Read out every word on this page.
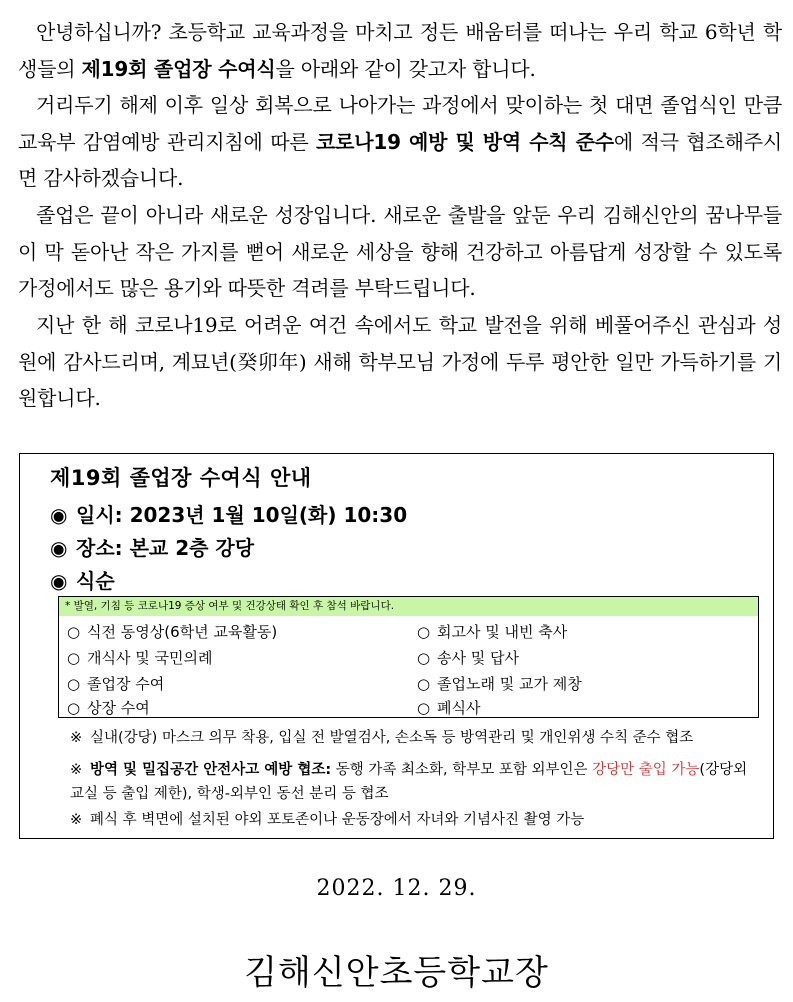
안녕하십니까? 초등학교 교육과정을 마치고 정든 배움터를 떠나는 우리 학교 6학년 학생들의 제19회 졸업장 수여식을 아래와 같이 갖고자 합니다.
거리두기 해제 이후 일상 회복으로 나아가는 과정에서 맞이하는 첫 대면 졸업식인 만큼 교육부 감염예방 관리지침에 따른 코로나19 예방 및 방역 수칙 준수에 적극 협조해주시면 감사하겠습니다.
졸업은 끝이 아니라 새로운 성장입니다. 새로운 출발을 앞둔 우리 김해신안의 꿈나무들이 막 돋아난 작은 가지를 뻗어 새로운 세상을 향해 건강하고 아름답게 성장할 수 있도록 가정에서도 많은 용기와 따뜻한 격려를 부탁드립니다.
지난 한 해 코로나19로 어려운 여건 속에서도 학교 발전을 위해 베풀어주신 관심과 성원에 감사드리며, 계묘년(癸卯年) 새해 학부모님 가정에 두루 평안한 일만 가득하기를 기원합니다.
제19회 졸업장 수여식 안내
◉ 일시: 2023년 1월 10일(화) 10:30
◉ 장소: 본교 2층 강당
◉ 식순
* 발열, 기침 등 코로나19 증상 여부 및 건강상태 확인 후 참석 바랍니다.
○ 식전 동영상(6학년 교육활동)
○ 개식사 및 국민의례
○ 졸업장 수여
○ 상장 수여
○ 회고사 및 내빈 축사
○ 송사 및 답사
○ 졸업노래 및 교가 제창
○ 폐식사
※ 실내(강당) 마스크 의무 착용, 입실 전 발열검사, 손소독 등 방역관리 및 개인위생 수칙 준수 협조
※ 방역 및 밀집공간 안전사고 예방 협조: 동행 가족 최소화, 학부모 포함 외부인은 강당만 출입 가능(강당외 교실 등 출입 제한), 학생-외부인 동선 분리 등 협조
※ 폐식 후 벽면에 설치된 야외 포토존이나 운동장에서 자녀와 기념사진 촬영 가능
2022. 12. 29.
김해신안초등학교장
